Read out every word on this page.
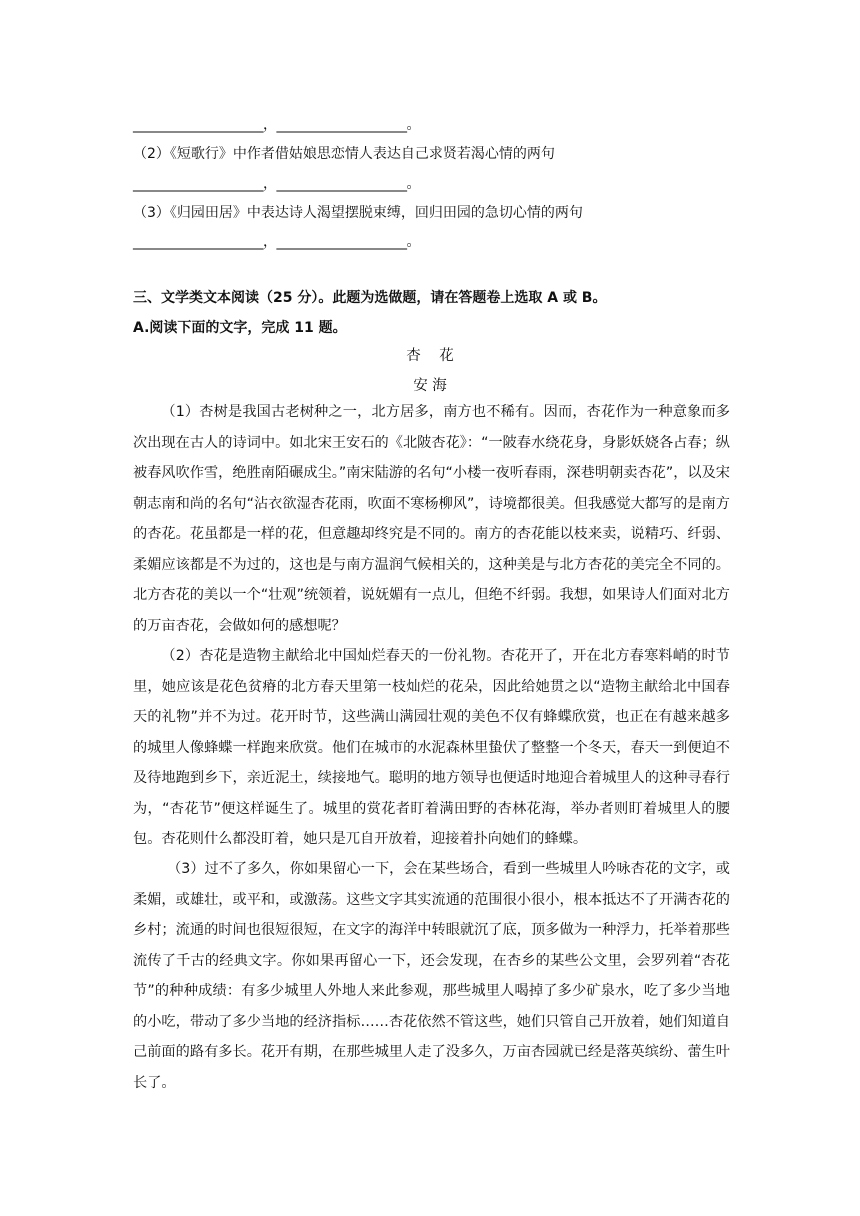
____________________，____________________。
（2）《短歌行》中作者借姑娘思恋情人表达自己求贤若渴心情的两句
____________________，____________________。
（3）《归园田居》中表达诗人渴望摆脱束缚，回归田园的急切心情的两句
____________________，____________________。
三、文学类文本阅读（25 分）。此题为选做题，请在答题卷上选取 A 或 B。
A.阅读下面的文字，完成 11 题。
杏    花
安 海
（1）杏树是我国古老树种之一，北方居多，南方也不稀有。因而，杏花作为一种意象而多次出现在古人的诗词中。如北宋王安石的《北陂杏花》：“一陂春水绕花身，身影妖娆各占春；纵被春风吹作雪，绝胜南陌碾成尘。”南宋陆游的名句“小楼一夜听春雨，深巷明朝卖杏花”，以及宋朝志南和尚的名句“沾衣欲湿杏花雨，吹面不寒杨柳风”，诗境都很美。但我感觉大都写的是南方的杏花。花虽都是一样的花，但意趣却终究是不同的。南方的杏花能以枝来卖，说精巧、纤弱、柔媚应该都是不为过的，这也是与南方温润气候相关的，这种美是与北方杏花的美完全不同的。北方杏花的美以一个“壮观”统领着，说妩媚有一点儿，但绝不纤弱。我想，如果诗人们面对北方的万亩杏花，会做如何的感想呢？
（2）杏花是造物主献给北中国灿烂春天的一份礼物。杏花开了，开在北方春寒料峭的时节里，她应该是花色贫瘠的北方春天里第一枝灿烂的花朵，因此给她贯之以“造物主献给北中国春天的礼物”并不为过。花开时节，这些满山满园壮观的美色不仅有蜂蝶欣赏，也正在有越来越多的城里人像蜂蝶一样跑来欣赏。他们在城市的水泥森林里蛰伏了整整一个冬天，春天一到便迫不及待地跑到乡下，亲近泥土，续接地气。聪明的地方领导也便适时地迎合着城里人的这种寻春行为，“杏花节”便这样诞生了。城里的赏花者盯着满田野的杏林花海，举办者则盯着城里人的腰包。杏花则什么都没盯着，她只是兀自开放着，迎接着扑向她们的蜂蝶。
（3）过不了多久，你如果留心一下，会在某些场合，看到一些城里人吟咏杏花的文字，或柔媚，或雄壮，或平和，或激荡。这些文字其实流通的范围很小很小，根本抵达不了开满杏花的乡村；流通的时间也很短很短，在文字的海洋中转眼就沉了底，顶多做为一种浮力，托举着那些流传了千古的经典文字。你如果再留心一下，还会发现，在杏乡的某些公文里，会罗列着“杏花节”的种种成绩：有多少城里人外地人来此参观，那些城里人喝掉了多少矿泉水，吃了多少当地的小吃，带动了多少当地的经济指标……杏花依然不管这些，她们只管自己开放着，她们知道自己前面的路有多长。花开有期，在那些城里人走了没多久，万亩杏园就已经是落英缤纷、蕾生叶长了。
